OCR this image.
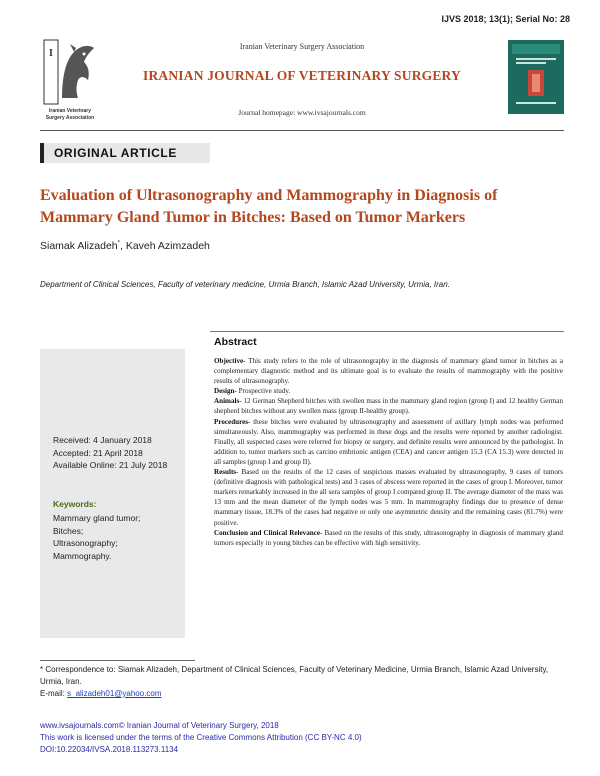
IJVS 2018; 13(1); Serial No: 28
I
Iranian Veterinary
Surgery Association
Iranian Veterinary Surgery Association
IRANIAN JOURNAL OF VETERINARY SURGERY
Journal homepage: www.ivsajournals.com
ORIGINAL ARTICLE
Evaluation of Ultrasonography and Mammography in Diagnosis of Mammary Gland Tumor in Bitches: Based on Tumor Markers
Siamak Alizadeh*, Kaveh Azimzadeh
Department of Clinical Sciences, Faculty of veterinary medicine, Urmia Branch, Islamic Azad University, Urmia, Iran.
Abstract
Received: 4 January 2018
Accepted: 21 April 2018
Available Online: 21 July 2018
Keywords:
Mammary gland tumor;
Bitches;
Ultrasonography;
Mammography.

Objective- This study refers to the role of ultrasonography in the diagnosis of mammary gland tumor in bitches as a complementary diagnostic method and its ultimate goal is to evaluate the results of mammography with the positive results of ultrasonography.

Design- Prospective study.

Animals- 12 German Shepherd bitches with swollen mass in the mammary gland region (group I) and 12 healthy German shepherd bitches without any swollen mass (group II-healthy group).

Procedures- these bitches were evaluated by ultrasonography and assessment of axillary lymph nodes was performed simultaneously. Also, mammography was performed in these dogs and the results were reported by another radiologist. Finally, all suspected cases were referred for biopsy or surgery, and definite results were announced by the pathologist. In addition to, tumor markers such as carcino embrionic antigen (CEA) and cancer antigen 15.3 (CA 15.3) were detected in all samples (group I and group II).

Results- Based on the results of the 12 cases of suspicious masses evaluated by ultrasonography, 9 cases of tumors (definitive diagnosis with pathological tests) and 3 cases of abscess were reported in the cases of group I. Moreover, tumor markers remarkably increased in the all sera samples of group I compared group II. The average diameter of the mass was 13 mm and the mean diameter of the lymph nodes was 5 mm. In mammography findings due to presence of dense mammary tissue, 18.3% of the cases had negative or only one asymmetric density and the remaining cases (81.7%) were positive.

Conclusion and Clinical Relevance- Based on the results of this study, ultrasonography in diagnosis of mammary gland tumors especially in young bitches can be effective with high sensitivity.

* Correspondence to: Siamak Alizadeh, Department of Clinical Sciences, Faculty of Veterinary Medicine, Urmia Branch, Islamic Azad University, Urmia, Iran.
E-mail: s_alizadeh01@yahoo.com
www.ivsajournals.com© Iranian Journal of Veterinary Surgery, 2018
This work is licensed under the terms of the Creative Commons Attribution (CC BY-NC 4.0)
DOI:10.22034/IVSA.2018.113273.1134
